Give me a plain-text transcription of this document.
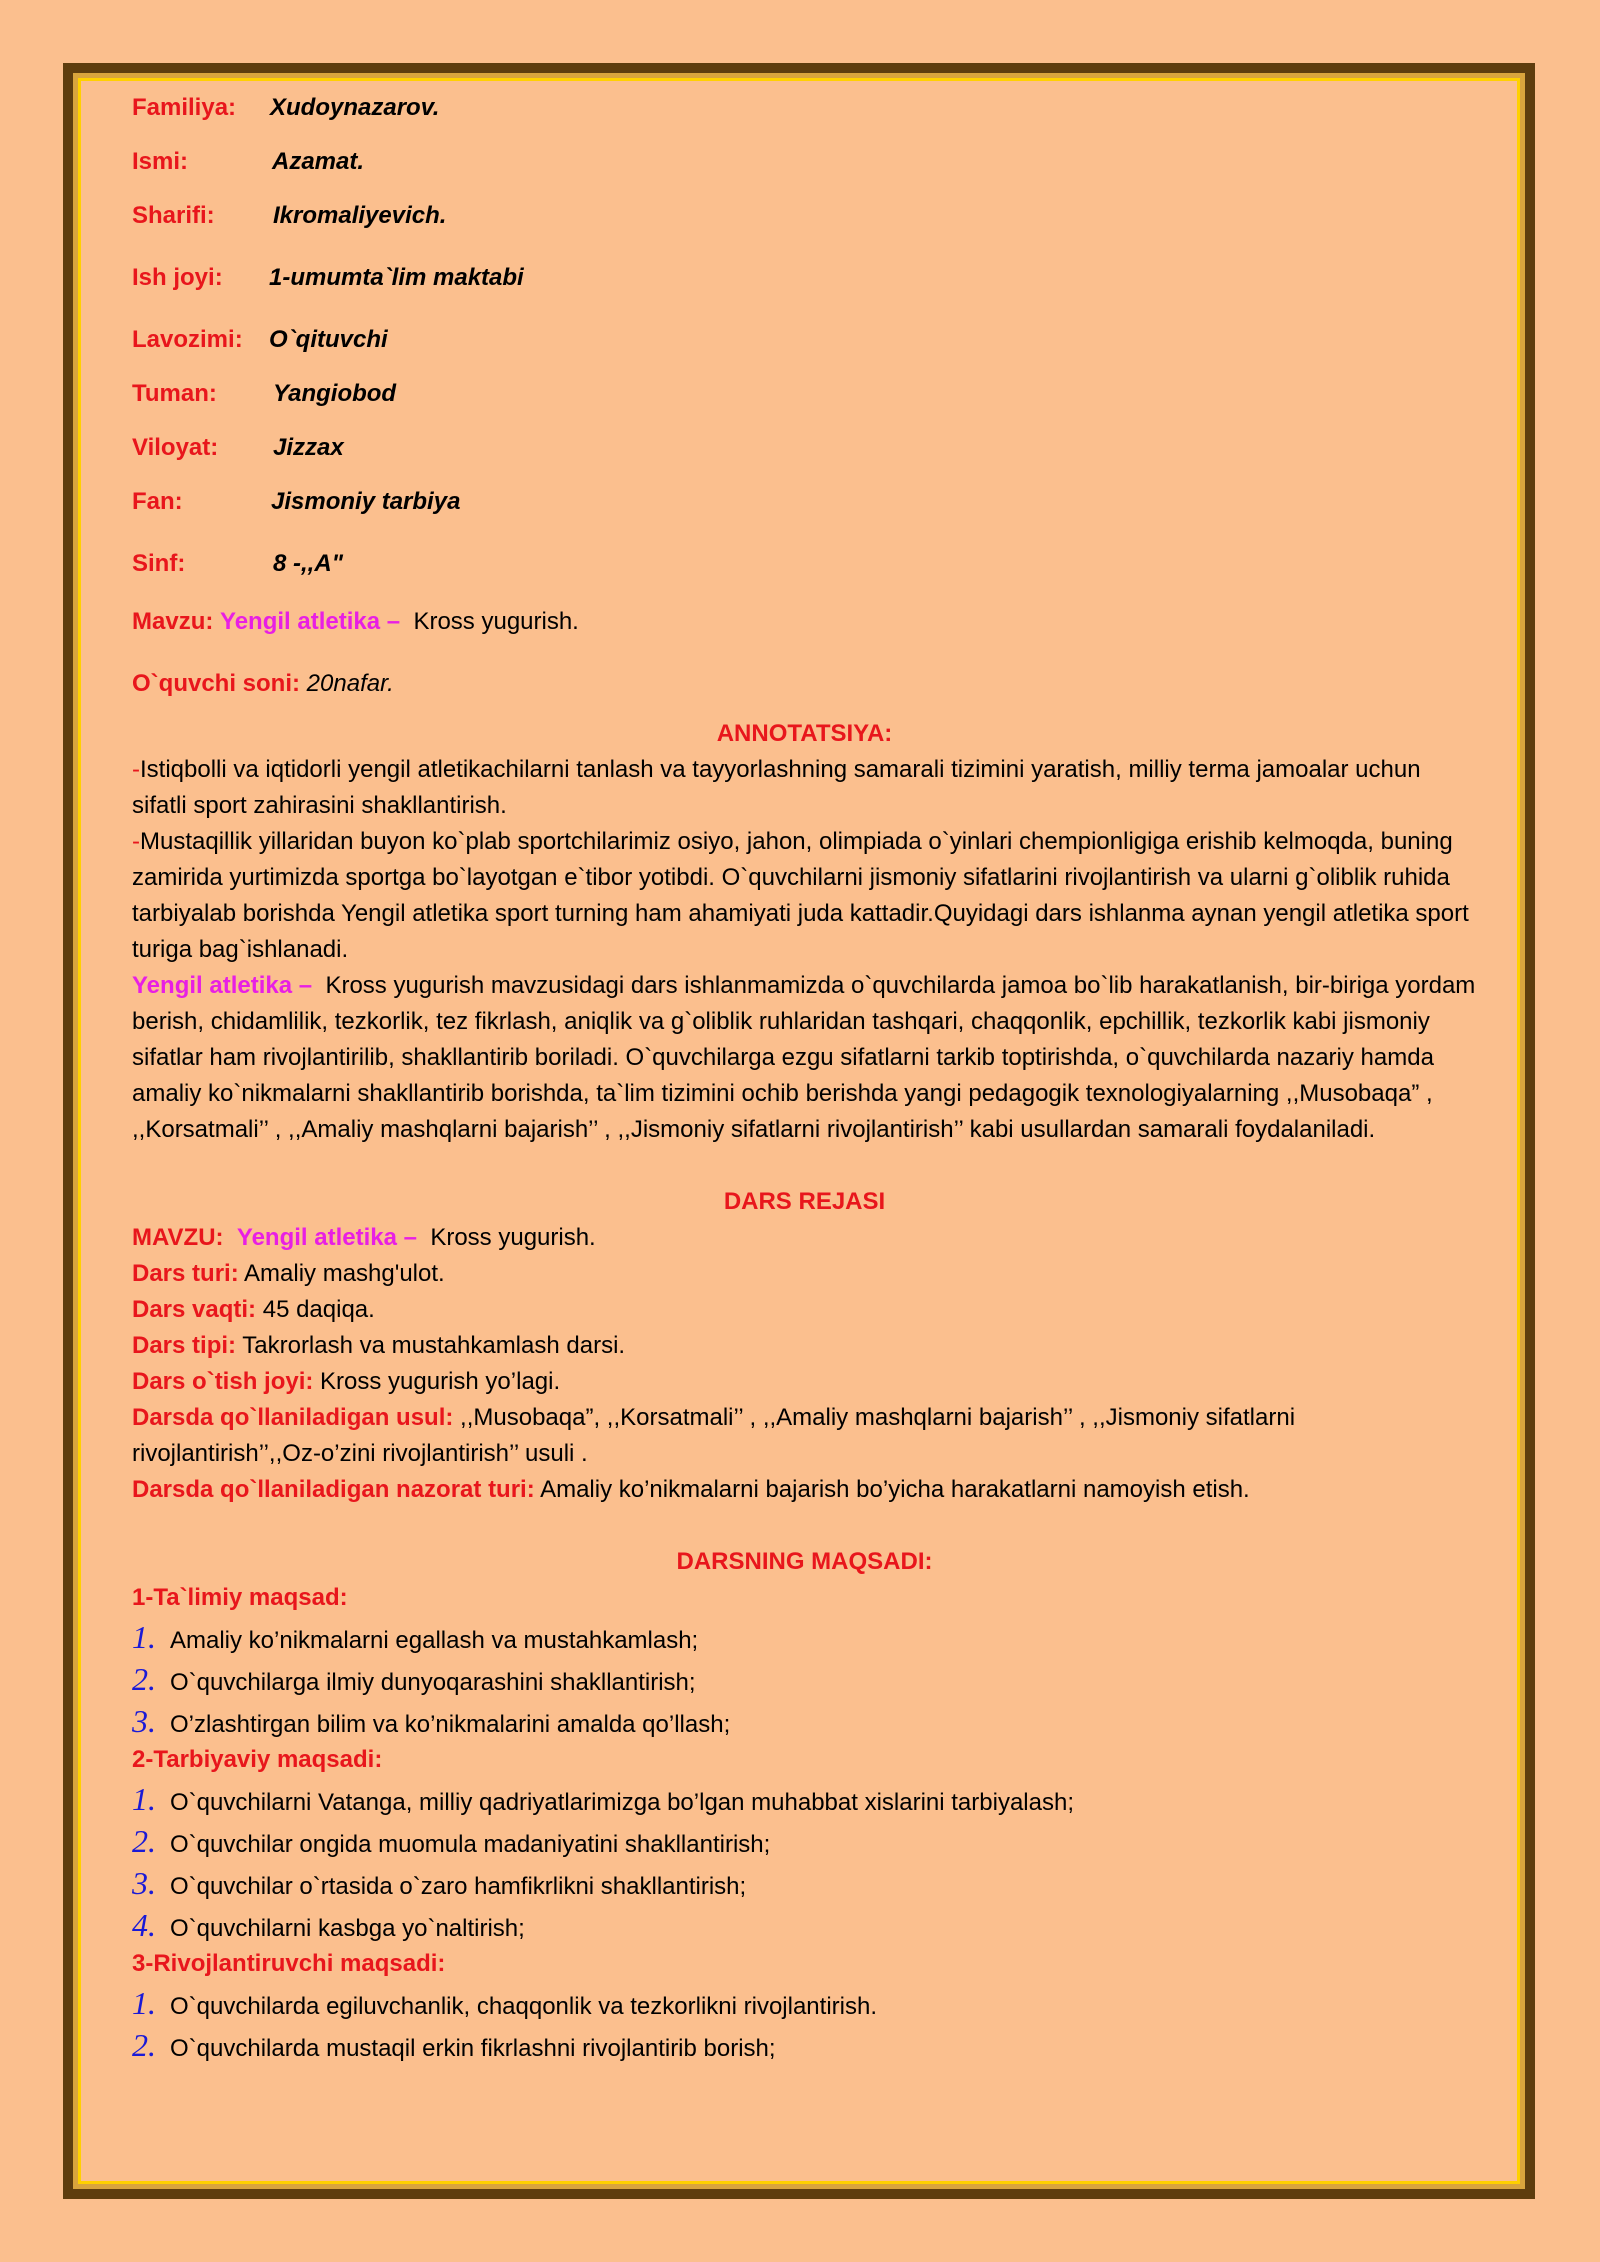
Familiya:	Xudoynazarov.
Ismi:	Azamat.
Sharifi:	Ikromaliyevich.
Ish joyi:	1-umumta`lim maktabi
Lavozimi:	O`qituvchi
Tuman:	Yangiobod
Viloyat:	Jizzax
Fan:	Jismoniy tarbiya
Sinf:	8 -,,A"
Mavzu:
Yengil atletika –
Kross yugurish.
O`quvchi soni:
20nafar.

ANNOTATSIYA:

-Istiqbolli va iqtidorli yengil atletikachilarni tanlash va tayyorlashning samarali tizimini yaratish, milliy terma jamoalar uchun sifatli sport zahirasini shakllantirish.

-Mustaqillik yillaridan buyon ko`plab sportchilarimiz osiyo, jahon, olimpiada o`yinlari chempionligiga erishib kelmoqda, buning zamirida yurtimizda sportga bo`layotgan e`tibor yotibdi. O`quvchilarni jismoniy sifatlarini rivojlantirish va ularni g`oliblik ruhida tarbiyalab borishda Yengil atletika sport turning ham ahamiyati juda kattadir.Quyidagi dars ishlanma aynan yengil atletika sport turiga bag`ishlanadi.

Yengil atletika – Kross yugurish mavzusidagi dars ishlanmamizda o`quvchilarda jamoa bo`lib harakatlanish, bir-biriga yordam berish, chidamlilik, tezkorlik, tez fikrlash, aniqlik va g`oliblik ruhlaridan tashqari, chaqqonlik, epchillik, tezkorlik kabi jismoniy sifatlar ham rivojlantirilib, shakllantirib boriladi. O`quvchilarga ezgu sifatlarni tarkib toptirishda, o`quvchilarda nazariy hamda amaliy ko`nikmalarni shakllantirib borishda, ta`lim tizimini ochib berishda yangi pedagogik texnologiyalarning ,,Musobaqa” , ,,Korsatmali’’ , ,,Amaliy mashqlarni bajarish’’ , ,,Jismoniy sifatlarni rivojlantirish’’ kabi usullardan samarali foydalaniladi.

DARS REJASI

MAVZU: Yengil atletika – Kross yugurish.

Dars turi: Amaliy mashg'ulot.

Dars vaqti: 45 daqiqa.

Dars tipi: Takrorlash va mustahkamlash darsi.

Dars o`tish joyi: Kross yugurish yo’lagi.

Darsda qo`llaniladigan usul: ,,Musobaqa”, ,,Korsatmali’’ , ,,Amaliy mashqlarni bajarish’’ , ,,Jismoniy sifatlarni rivojlantirish’’,,Oz-o’zini rivojlantirish’’ usuli .

Darsda qo`llaniladigan nazorat turi: Amaliy ko’nikmalarni bajarish bo’yicha harakatlarni namoyish etish.

DARSNING MAQSADI:

1-Ta`limiy maqsad:

1. Amaliy ko’nikmalarni egallash va mustahkamlash;
2. O`quvchilarga ilmiy dunyoqarashini shakllantirish;
3. O’zlashtirgan bilim va ko’nikmalarini amalda qo’llash;

2-Tarbiyaviy maqsadi:

1. O`quvchilarni Vatanga, milliy qadriyatlarimizga bo’lgan muhabbat xislarini tarbiyalash;
2. O`quvchilar ongida muomula madaniyatini shakllantirish;
3. O`quvchilar o`rtasida o`zaro hamfikrlikni shakllantirish;
4. O`quvchilarni kasbga yo`naltirish;

3-Rivojlantiruvchi maqsadi:

1. O`quvchilarda egiluvchanlik, chaqqonlik va tezkorlikni rivojlantirish.
2. O`quvchilarda mustaqil erkin fikrlashni rivojlantirib borish;
